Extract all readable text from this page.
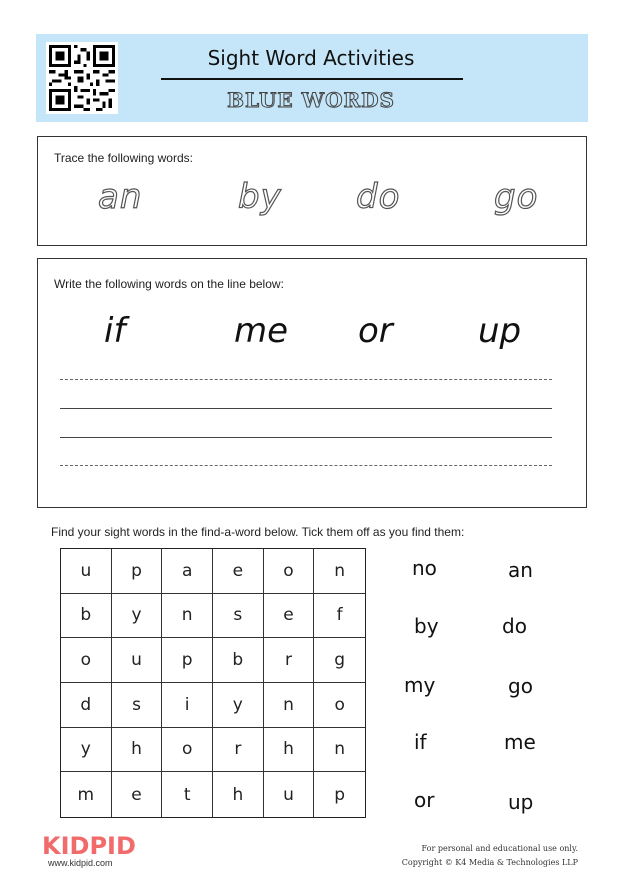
Sight Word Activities
BLUE WORDS
Trace the following words:
an	by do	go
Write the following words on the line below:
if	me or	up
Find your sight words in the find-a-word below. Tick them off as you find them:
u	p	a	e	o	n
b	y	n	s	e	f
o	u	p	b	r	g
d	s	i	y	n	o
y	h	o	r	h	n
m	e	t	h	u	p
no	an
by	do
my	go
if	me
or	up
KIDPID
www.kidpid.com
For personal and educational use only.
Copyright © K4 Media & Technologies LLP
